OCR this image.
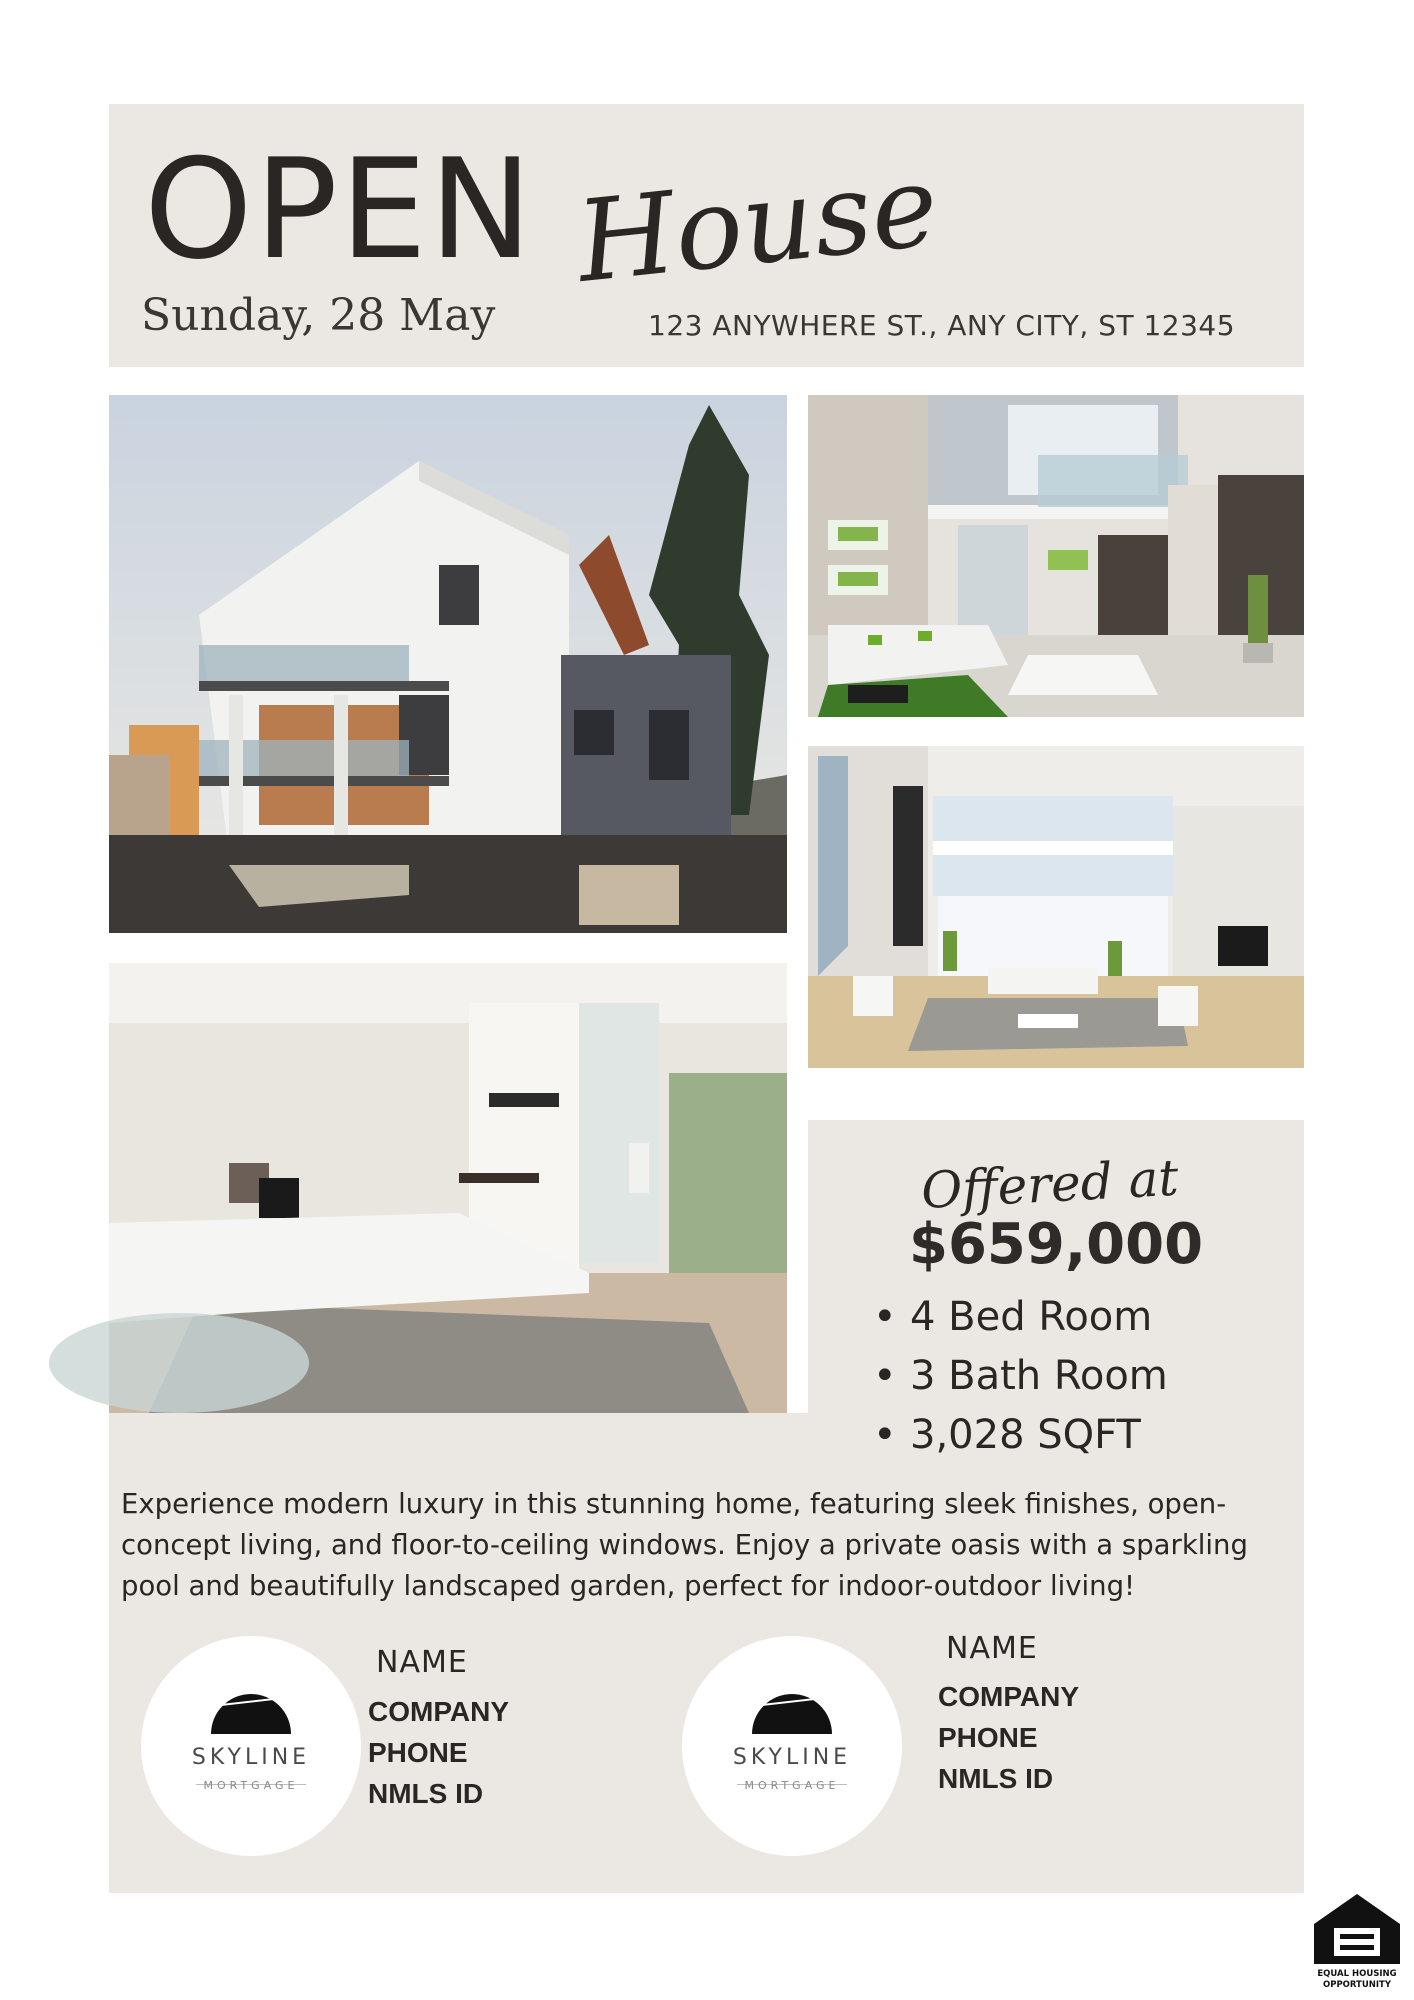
OPEN House
Sunday, 28 May	123 ANYWHERE ST., ANY CITY, ST 12345
Offered at
$659,000
• 4 Bed Room
• 3 Bath Room
• 3,028 SQFT
Experience modern luxury in this stunning home, featuring sleek finishes, open-concept living, and floor-to-ceiling windows. Enjoy a private oasis with a sparkling pool and beautifully landscaped garden, perfect for indoor-outdoor living!
SKYLINE
MORTGAGE
NAME
COMPANY
PHONE
NMLS ID
SKYLINE
MORTGAGE
NAME
COMPANY
PHONE
NMLS ID
EQUAL HOUSING
OPPORTUNITY
